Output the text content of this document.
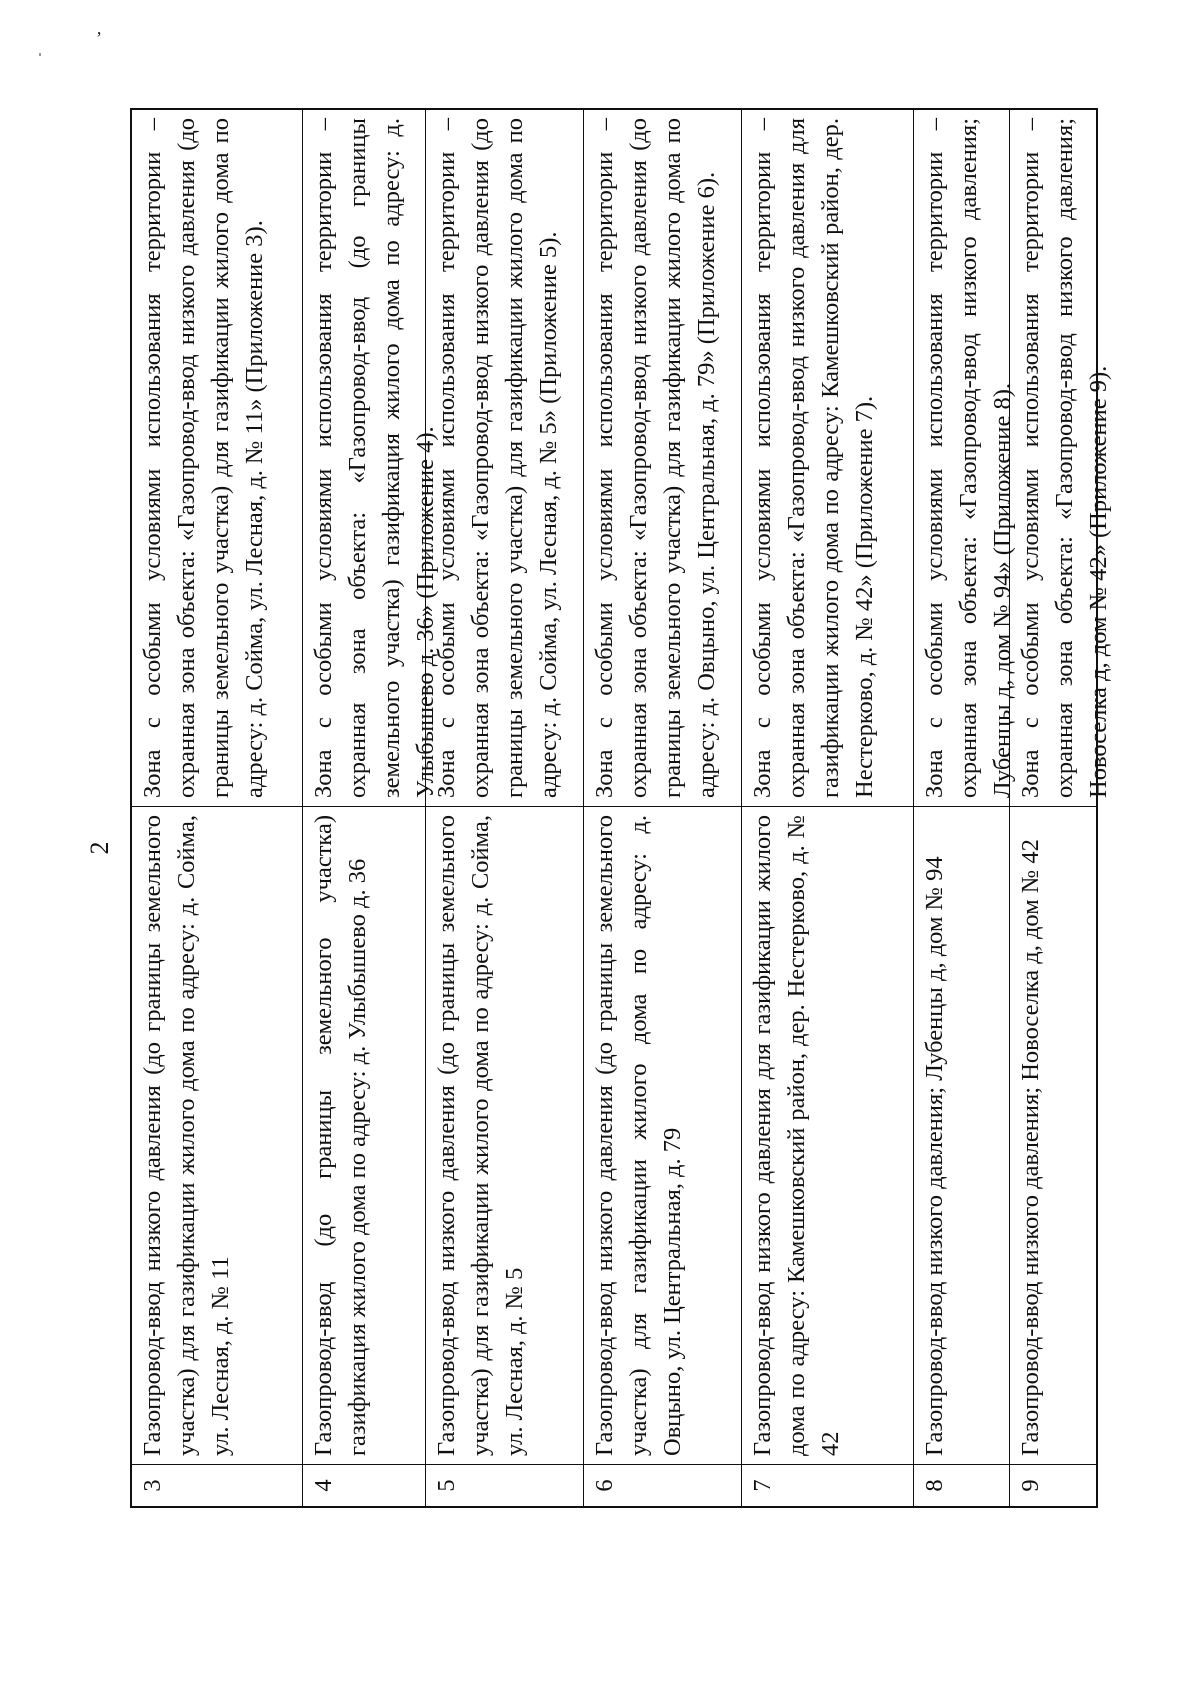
ˌ	’
2
3
Газопровод-ввод низкого давления (до границы земельного участка) для газификации жилого дома по адресу: д. Сойма, ул. Лесная, д. № 11
Зона с особыми условиями использования территории – охранная зона объекта: «Газопровод-ввод низкого давления (до границы земельного участка) для газификации жилого дома по адресу: д. Сойма, ул. Лесная, д. № 11» (Приложение 3).
4
Газопровод-ввод (до границы земельного участка) газификация жилого дома по адресу: д. Улыбышево д. 36
Зона с особыми условиями использования территории – охранная зона объекта: «Газопровод-ввод (до границы земельного участка) газификация жилого дома по адресу: д. Улыбышево д. 36» (Приложение 4).
5
Газопровод-ввод низкого давления (до границы земельного участка) для газификации жилого дома по адресу: д. Сойма, ул. Лесная, д. № 5
Зона с особыми условиями использования территории – охранная зона объекта: «Газопровод-ввод низкого давления (до границы земельного участка) для газификации жилого дома по адресу: д. Сойма, ул. Лесная, д. № 5» (Приложение 5).
6
Газопровод-ввод низкого давления (до границы земельного участка) для газификации жилого дома по адресу: д. Овцыно, ул. Центральная, д. 79
Зона с особыми условиями использования территории – охранная зона объекта: «Газопровод-ввод низкого давления (до границы земельного участка) для газификации жилого дома по адресу: д. Овцыно, ул. Центральная, д. 79» (Приложение 6).
7
Газопровод-ввод низкого давления для газификации жилого дома по адресу: Камешковский район, дер. Нестерково, д. № 42
Зона с особыми условиями использования территории – охранная зона объекта: «Газопровод-ввод низкого давления для газификации жилого дома по адресу: Камешковский район, дер. Нестерково, д. № 42» (Приложение 7).
8
Газопровод-ввод низкого давления; Лубенцы д, дом № 94
Зона с особыми условиями использования территории – охранная зона объекта: «Газопровод-ввод низкого давления; Лубенцы д, дом № 94» (Приложение 8).
9
Газопровод-ввод низкого давления; Новоселка д, дом № 42
Зона с особыми условиями использования территории – охранная зона объекта: «Газопровод-ввод низкого давления; Новоселка д, дом № 42» (Приложение 9).
